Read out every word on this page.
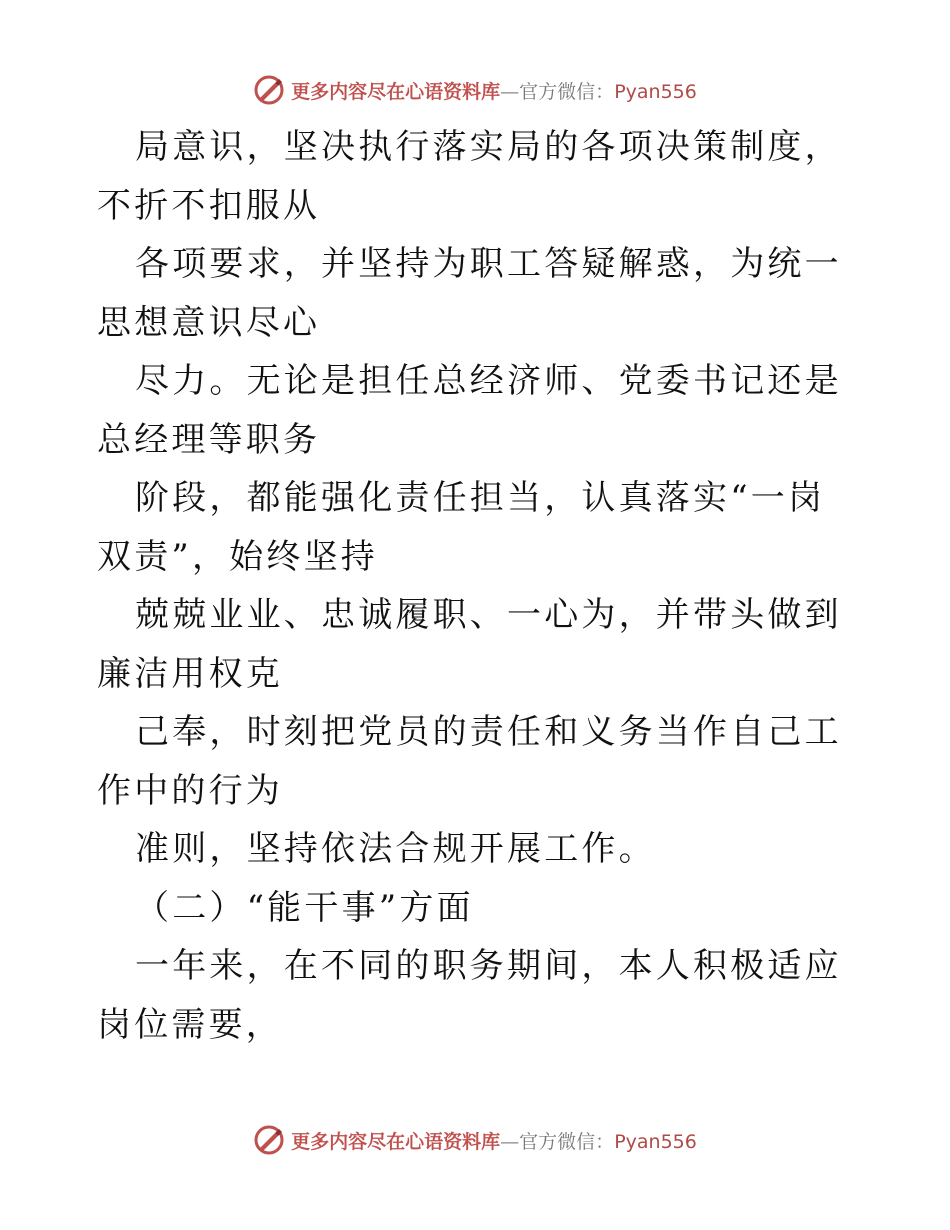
更多内容尽在心语资料库—官方微信：Pyan556

局意识，坚决执行落实局的各项决策制度，不折不扣服从

各项要求，并坚持为职工答疑解惑，为统一思想意识尽心

尽力。无论是担任总经济师、党委书记还是总经理等职务

阶段，都能强化责任担当，认真落实“一岗双责”，始终坚持

兢兢业业、忠诚履职、一心为，并带头做到廉洁用权克

己奉，时刻把党员的责任和义务当作自己工作中的行为

准则，坚持依法合规开展工作。

（二）“能干事”方面

一年来，在不同的职务期间，本人积极适应岗位需要，

更多内容尽在心语资料库—官方微信：Pyan556
